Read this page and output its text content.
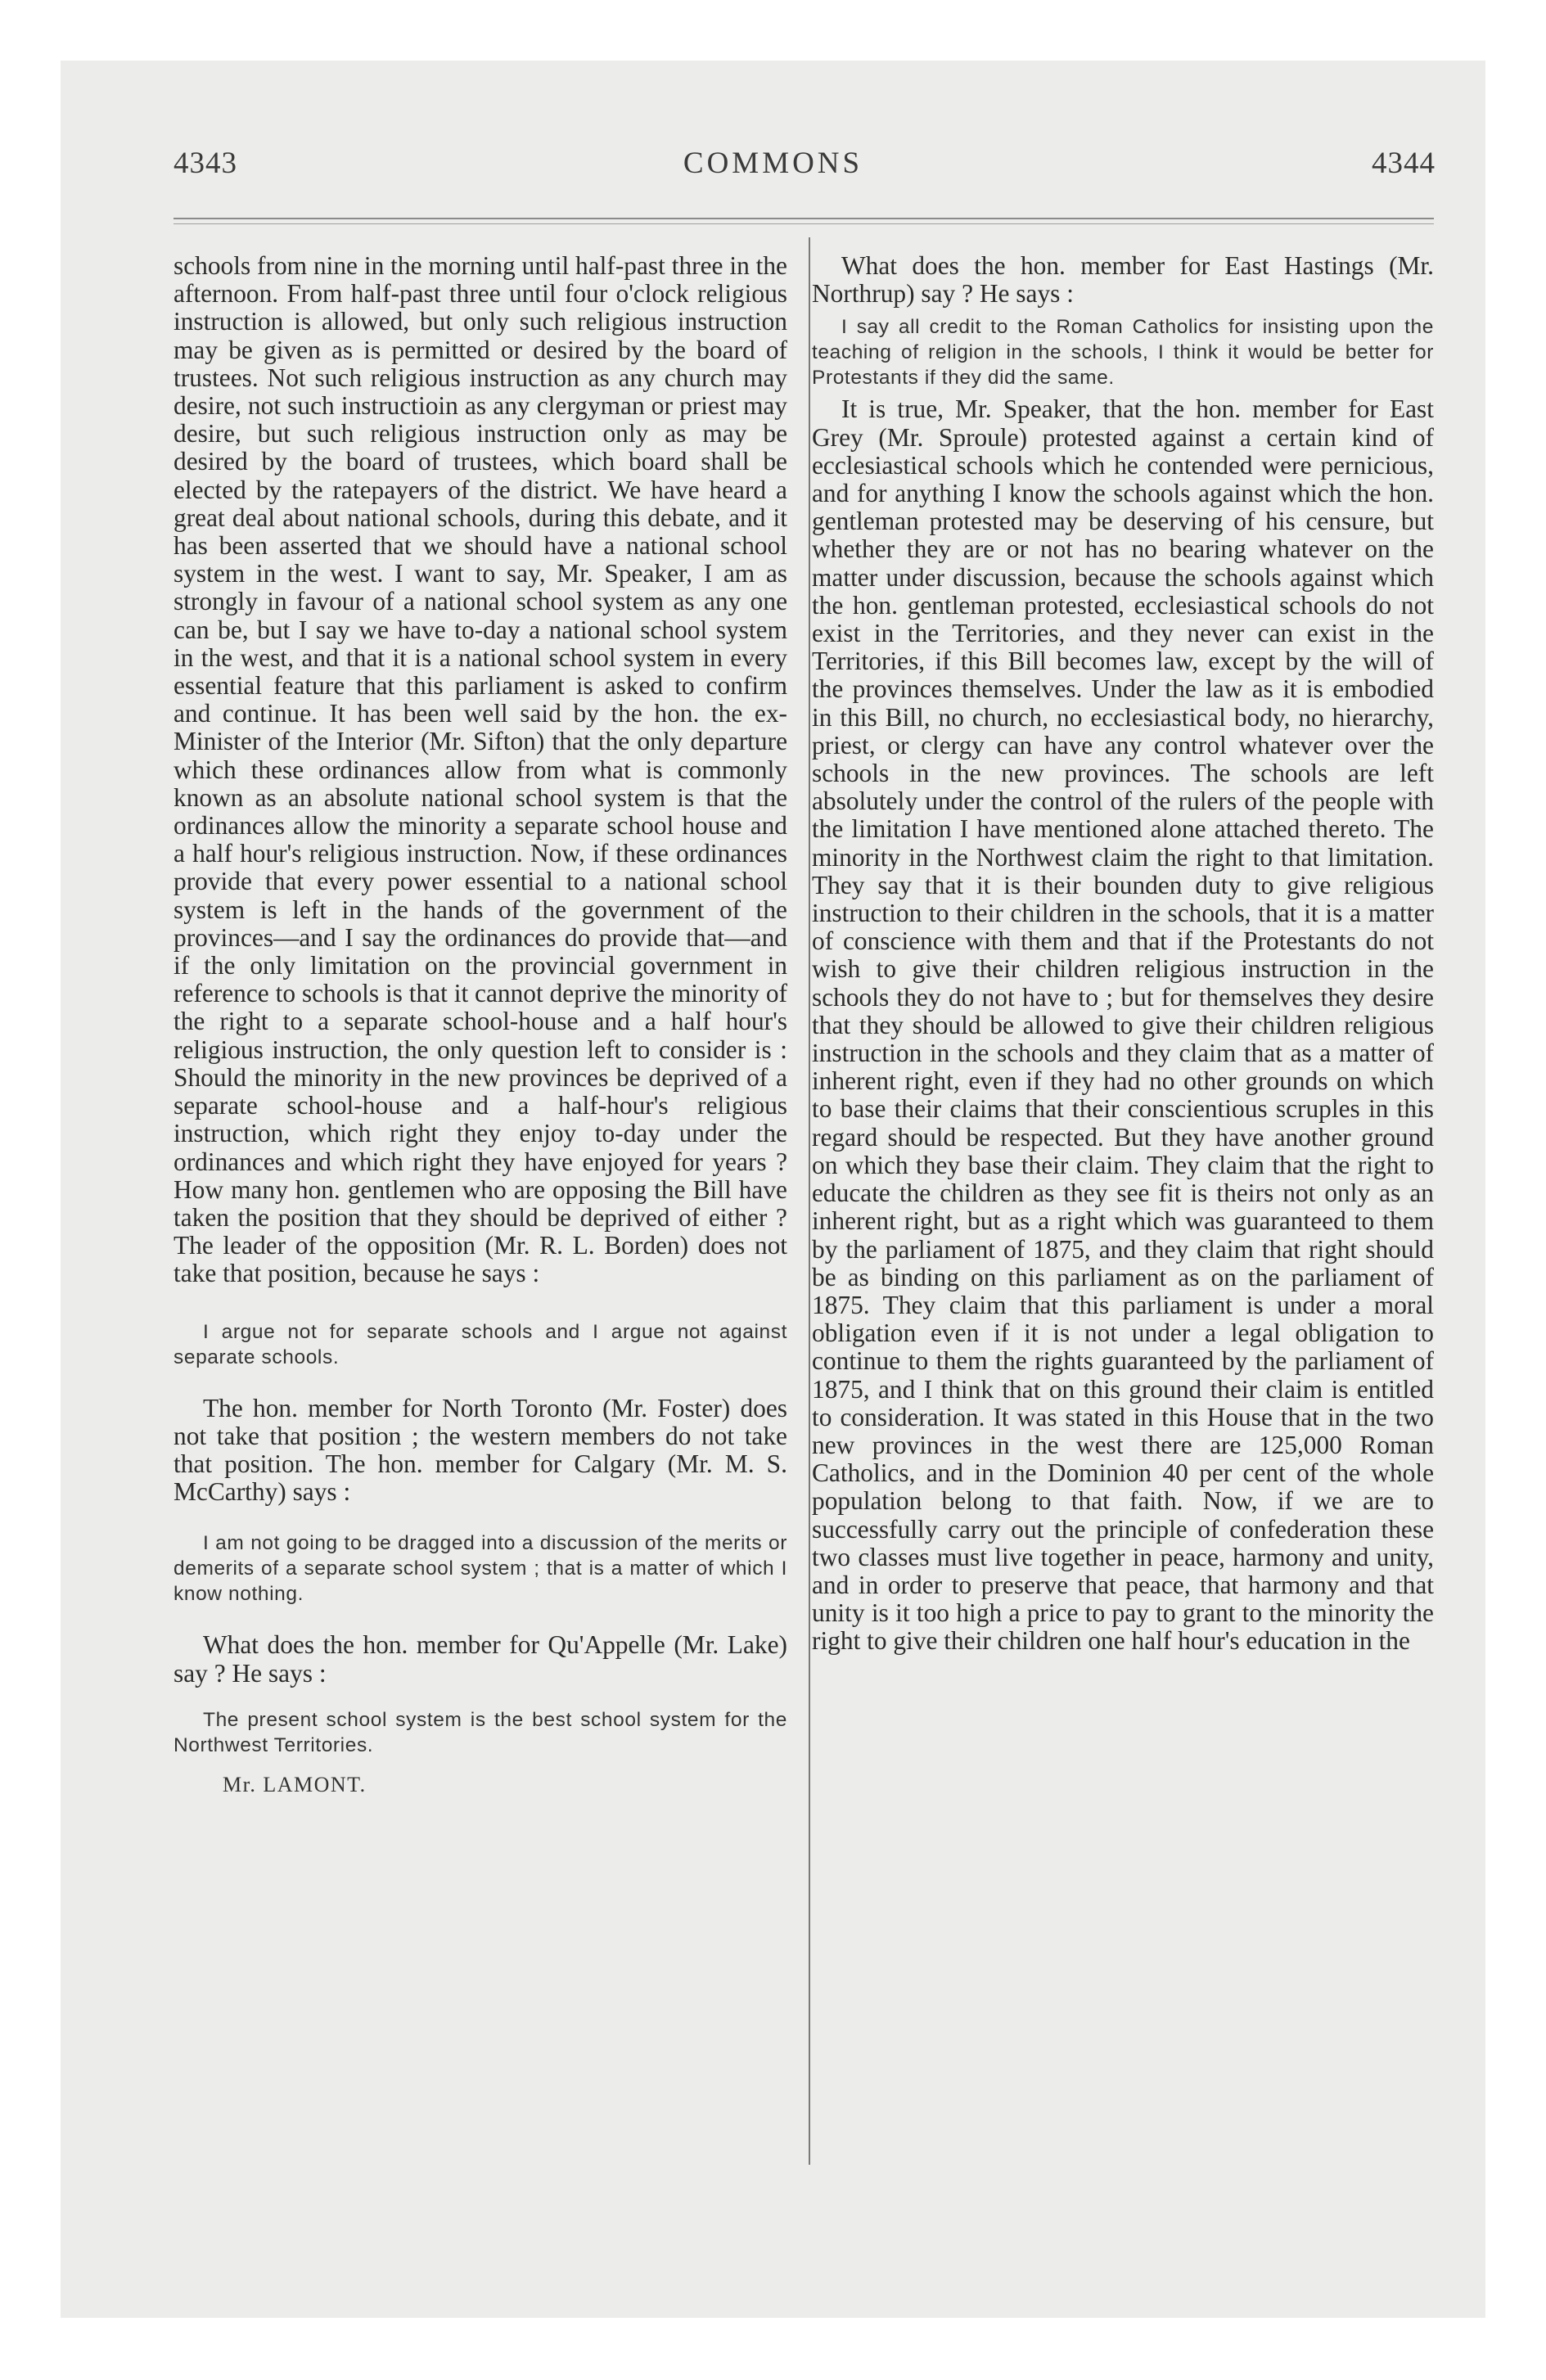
4343	COMMONS	4344

schools from nine in the morning until half-past three in the afternoon. From half-past three until four o'clock religious instruction is allowed, but only such religious instruction may be given as is permitted or desired by the board of trustees. Not such religious instruction as any church may desire, not such instructioin as any clergyman or priest may desire, but such religious instruction only as may be desired by the board of trustees, which board shall be elected by the ratepayers of the district. We have heard a great deal about national schools, during this debate, and it has been asserted that we should have a national school system in the west. I want to say, Mr. Speaker, I am as strongly in favour of a national school system as any one can be, but I say we have to-day a national school system in the west, and that it is a national school system in every essential feature that this parliament is asked to confirm and continue. It has been well said by the hon. the ex-Minister of the Interior (Mr. Sifton) that the only departure which these ordinances allow from what is commonly known as an absolute national school system is that the ordinances allow the minority a separate school house and a half hour's religious instruction. Now, if these ordinances provide that every power essential to a national school system is left in the hands of the government of the provinces—and I say the ordinances do provide that—and if the only limitation on the provincial government in reference to schools is that it cannot deprive the minority of the right to a separate school-house and a half hour's religious instruction, the only question left to consider is : Should the minority in the new provinces be deprived of a separate school-house and a half-hour's religious instruction, which right they enjoy to-day under the ordinances and which right they have enjoyed for years ? How many hon. gentlemen who are opposing the Bill have taken the position that they should be deprived of either ? The leader of the opposition (Mr. R. L. Borden) does not take that position, because he says :

I argue not for separate schools and I argue not against separate schools.

The hon. member for North Toronto (Mr. Foster) does not take that position ; the western members do not take that position. The hon. member for Calgary (Mr. M. S. McCarthy) says :

I am not going to be dragged into a discussion of the merits or demerits of a separate school system ; that is a matter of which I know nothing.

What does the hon. member for Qu'Appelle (Mr. Lake) say ? He says :

The present school system is the best school system for the Northwest Territories.

Mr. LAMONT.

What does the hon. member for East Hastings (Mr. Northrup) say ? He says :

I say all credit to the Roman Catholics for insisting upon the teaching of religion in the schools, I think it would be better for Protestants if they did the same.

It is true, Mr. Speaker, that the hon. member for East Grey (Mr. Sproule) protested against a certain kind of ecclesiastical schools which he contended were pernicious, and for anything I know the schools against which the hon. gentleman protested may be deserving of his censure, but whether they are or not has no bearing whatever on the matter under discussion, because the schools against which the hon. gentleman protested, ecclesiastical schools do not exist in the Territories, and they never can exist in the Territories, if this Bill becomes law, except by the will of the provinces themselves. Under the law as it is embodied in this Bill, no church, no ecclesiastical body, no hierarchy, priest, or clergy can have any control whatever over the schools in the new provinces. The schools are left absolutely under the control of the rulers of the people with the limitation I have mentioned alone attached thereto. The minority in the Northwest claim the right to that limitation. They say that it is their bounden duty to give religious instruction to their children in the schools, that it is a matter of conscience with them and that if the Protestants do not wish to give their children religious instruction in the schools they do not have to ; but for themselves they desire that they should be allowed to give their children religious instruction in the schools and they claim that as a matter of inherent right, even if they had no other grounds on which to base their claims that their conscientious scruples in this regard should be respected. But they have another ground on which they base their claim. They claim that the right to educate the children as they see fit is theirs not only as an inherent right, but as a right which was guaranteed to them by the parliament of 1875, and they claim that right should be as binding on this parliament as on the parliament of 1875. They claim that this parliament is under a moral obligation even if it is not under a legal obligation to continue to them the rights guaranteed by the parliament of 1875, and I think that on this ground their claim is entitled to consideration. It was stated in this House that in the two new provinces in the west there are 125,000 Roman Catholics, and in the Dominion 40 per cent of the whole population belong to that faith. Now, if we are to successfully carry out the principle of confederation these two classes must live together in peace, harmony and unity, and in order to preserve that peace, that harmony and that unity is it too high a price to pay to grant to the minority the right to give their children one half hour's education in the
